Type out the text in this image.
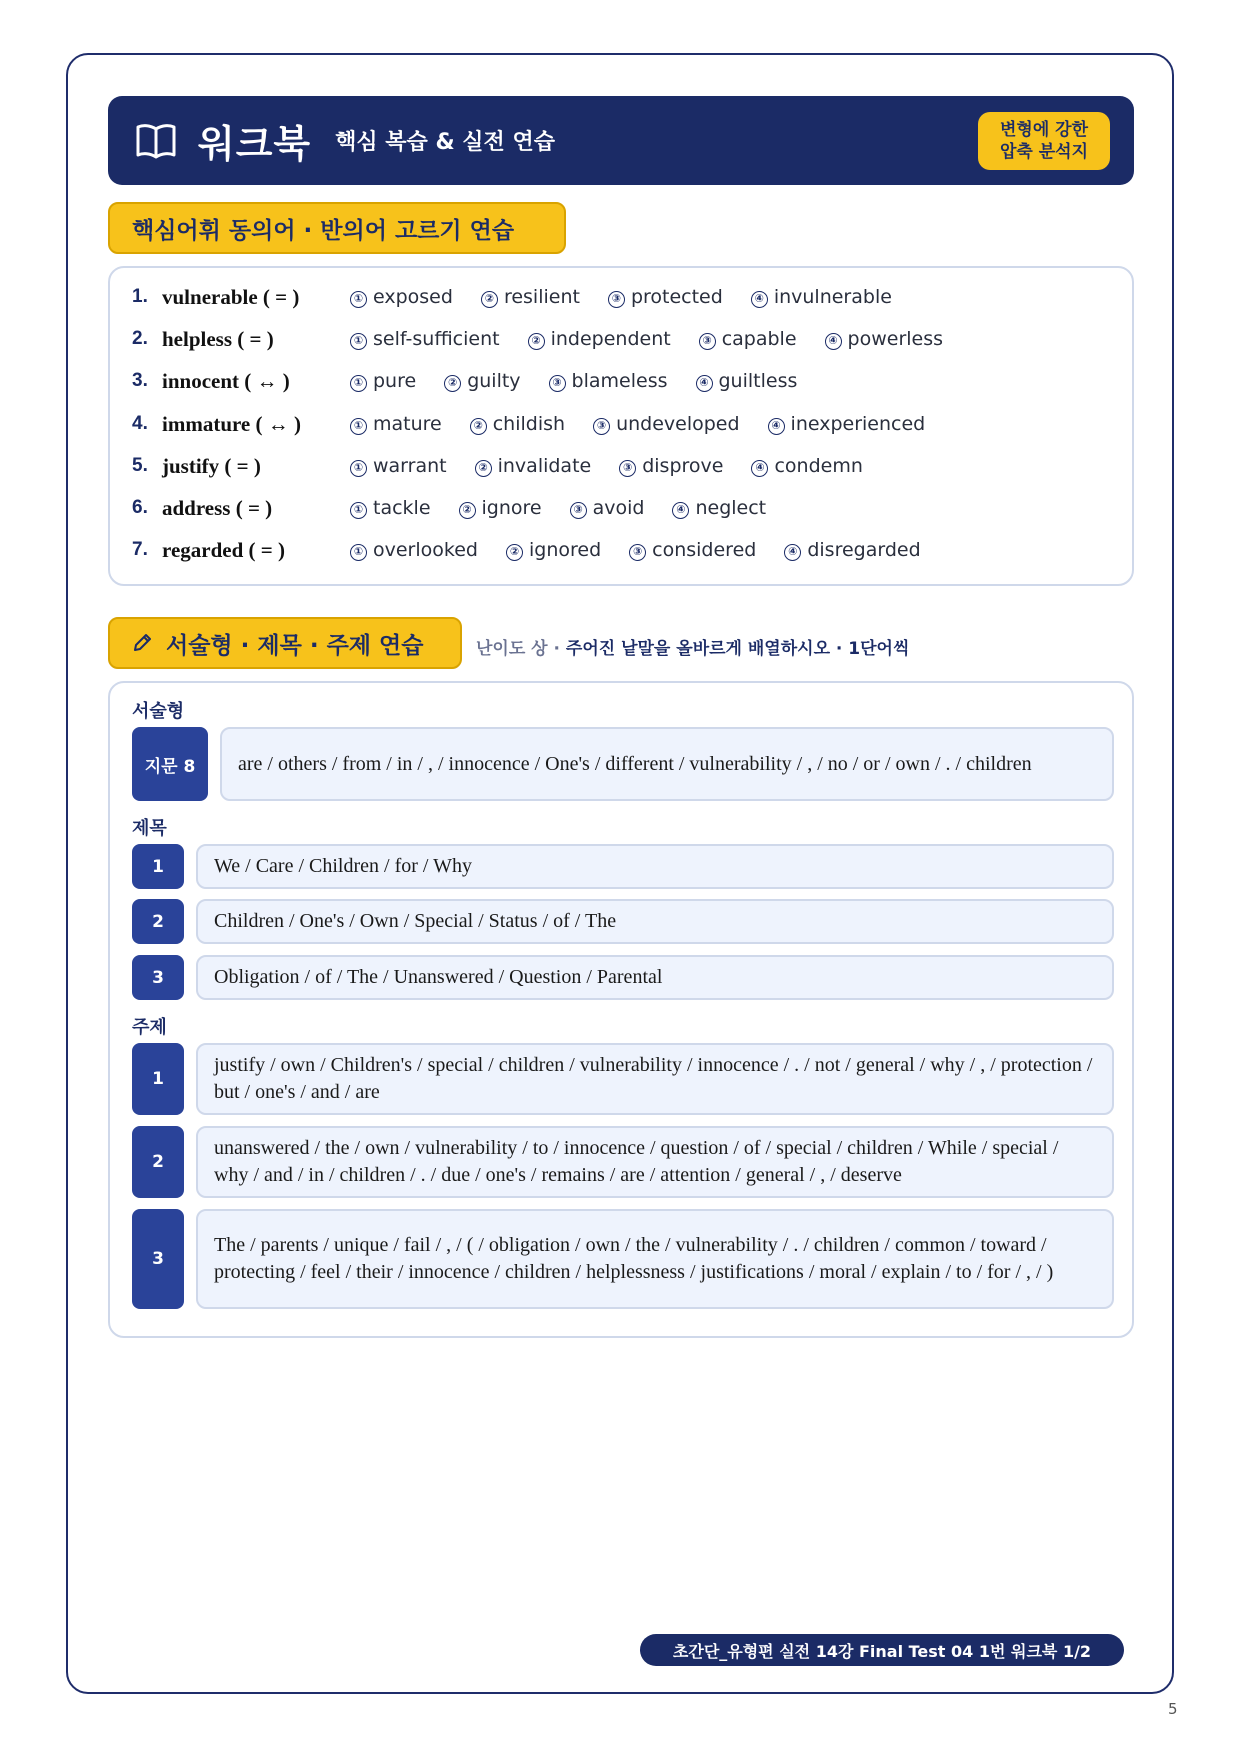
워크북 핵심 복습 & 실전 연습
변형에 강한
압축 분석지
핵심어휘 동의어 · 반의어 고르기 연습
1. vulnerable ( = )	① exposed	② resilient	③ protected	④ invulnerable
2. helpless ( = )	① self-sufficient	② independent	③ capable	④ powerless
3. innocent ( ↔ )	① pure	② guilty	③ blameless	④ guiltless
4. immature ( ↔ )	① mature	② childish	③ undeveloped	④ inexperienced
5. justify ( = )	① warrant	② invalidate	③ disprove	④ condemn
6. address ( = )	① tackle	② ignore	③ avoid	④ neglect
7. regarded ( = )	① overlooked	② ignored	③ considered	④ disregarded
서술형 · 제목 · 주제 연습	난이도 상 · 주어진 낱말을 올바르게 배열하시오 · 1단어씩
서술형
지문 8	are / others / from / in / , / innocence / One's / different / vulnerability / , / no / or / own / . / children
제목
1	We / Care / Children / for / Why
2	Children / One's / Own / Special / Status / of / The
3	Obligation / of / The / Unanswered / Question / Parental
주제
1
justify / own / Children's / special / children / vulnerability / innocence / . / not / general / why / , / protection / but / one's / and / are
2
unanswered / the / own / vulnerability / to / innocence / question / of / special / children / While / special / why / and / in / children / . / due / one's / remains / are / attention / general / , / deserve
3
The / parents / unique / fail / , / ( / obligation / own / the / vulnerability / . / children / common / toward / protecting / feel / their / innocence / children / helplessness / justifications / moral / explain / to / for / , / )
초간단_유형편 실전 14강 Final Test 04 1번 워크북 1/2
5
